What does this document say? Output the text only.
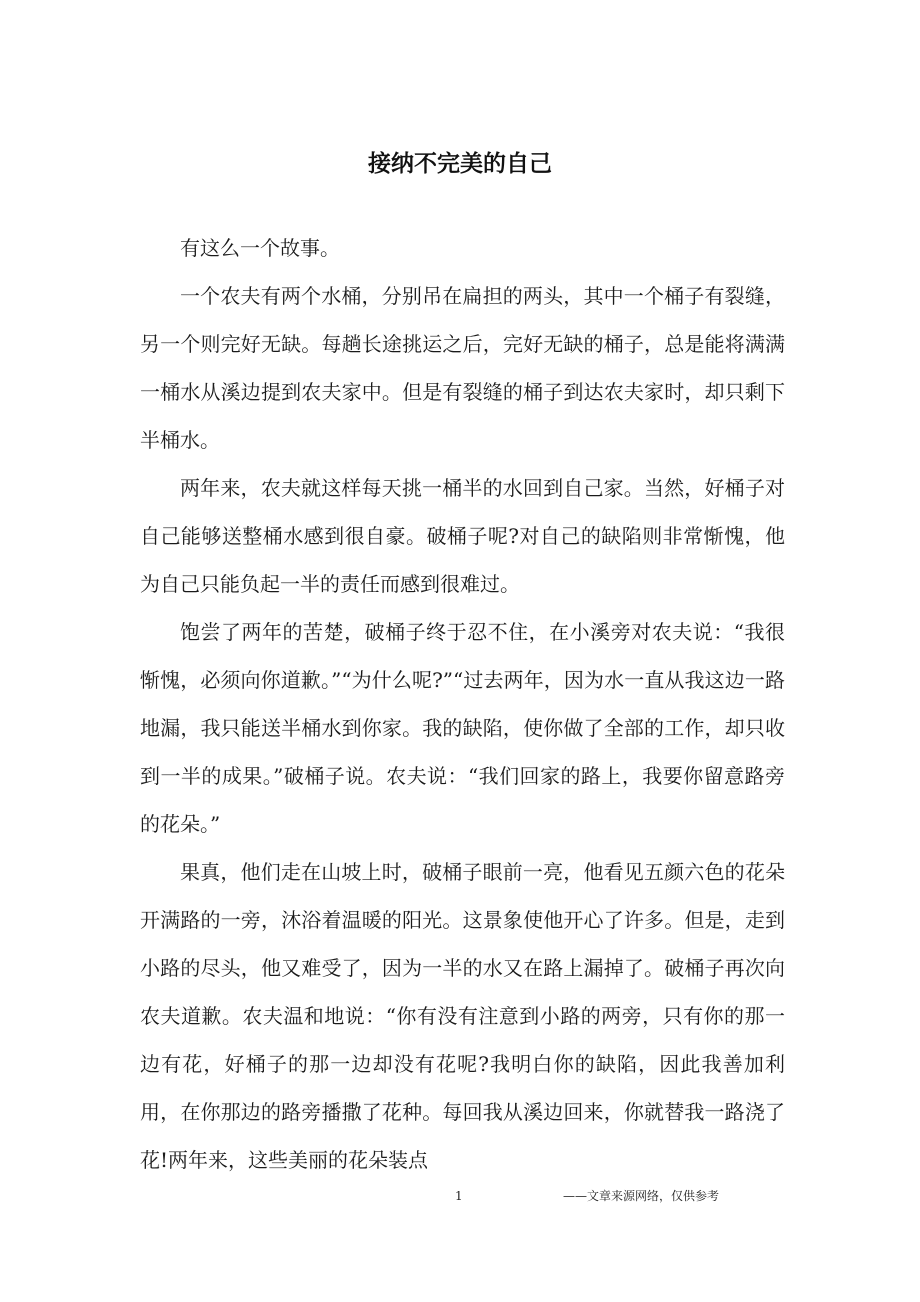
接纳不完美的自己

有这么一个故事。

一个农夫有两个水桶，分别吊在扁担的两头，其中一个桶子有裂缝，另一个则完好无缺。每趟长途挑运之后，完好无缺的桶子，总是能将满满一桶水从溪边提到农夫家中。但是有裂缝的桶子到达农夫家时，却只剩下半桶水。

两年来，农夫就这样每天挑一桶半的水回到自己家。当然，好桶子对自己能够送整桶水感到很自豪。破桶子呢?对自己的缺陷则非常惭愧，他为自己只能负起一半的责任而感到很难过。

饱尝了两年的苦楚，破桶子终于忍不住，在小溪旁对农夫说：“我很惭愧，必须向你道歉。”“为什么呢?”“过去两年，因为水一直从我这边一路地漏，我只能送半桶水到你家。我的缺陷，使你做了全部的工作，却只收到一半的成果。”破桶子说。农夫说：“我们回家的路上，我要你留意路旁的花朵。”

果真，他们走在山坡上时，破桶子眼前一亮，他看见五颜六色的花朵开满路的一旁，沐浴着温暖的阳光。这景象使他开心了许多。但是，走到小路的尽头，他又难受了，因为一半的水又在路上漏掉了。破桶子再次向农夫道歉。农夫温和地说：“你有没有注意到小路的两旁，只有你的那一边有花，好桶子的那一边却没有花呢?我明白你的缺陷，因此我善加利用，在你那边的路旁播撒了花种。每回我从溪边回来，你就替我一路浇了花!两年来，这些美丽的花朵装点

1	——文章来源网络，仅供参考
